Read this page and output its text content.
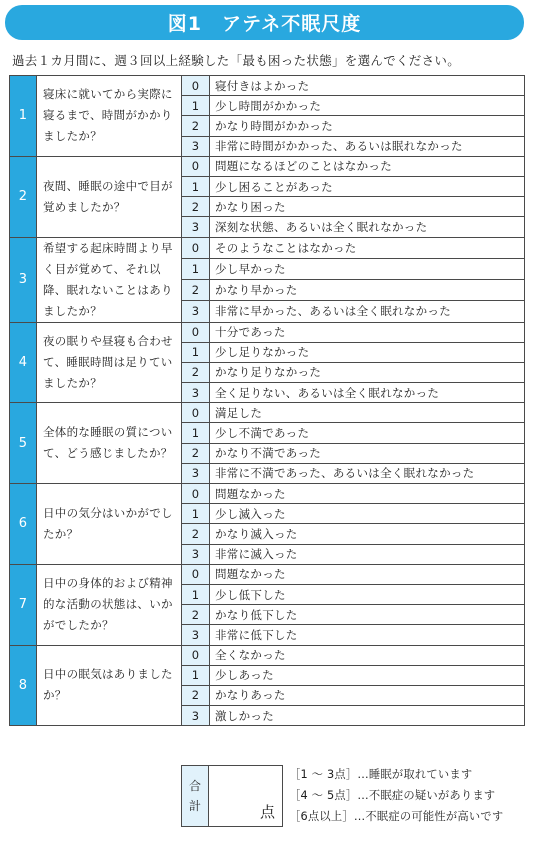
図1　アテネ不眠尺度
過去１カ月間に、週３回以上経験した「最も困った状態」を選んでください。
1	寝床に就いてから実際に寝るまで、時間がかかりましたか？	0	寝付きはよかった
		1	少し時間がかかった
		2	かなり時間がかかった
		3	非常に時間がかかった、あるいは眠れなかった
2	夜間、睡眠の途中で目が覚めましたか？	0	問題になるほどのことはなかった
		1	少し困ることがあった
		2	かなり困った
		3	深刻な状態、あるいは全く眠れなかった
3	希望する起床時間より早く目が覚めて、それ以降、眠れないことはありましたか？	0	そのようなことはなかった
		1	少し早かった
		2	かなり早かった
		3	非常に早かった、あるいは全く眠れなかった
4	夜の眠りや昼寝も合わせて、睡眠時間は足りていましたか？	0	十分であった
		1	少し足りなかった
		2	かなり足りなかった
		3	全く足りない、あるいは全く眠れなかった
5	全体的な睡眠の質について、どう感じましたか？	0	満足した
		1	少し不満であった
		2	かなり不満であった
		3	非常に不満であった、あるいは全く眠れなかった
6	日中の気分はいかがでしたか？	0	問題なかった
		1	少し滅入った
		2	かなり滅入った
		3	非常に滅入った
7	日中の身体的および精神的な活動の状態は、いかがでしたか？	0	問題なかった
		1	少し低下した
		2	かなり低下した
		3	非常に低下した
8	日中の眠気はありましたか？	0	全くなかった
		1	少しあった
		2	かなりあった
		3	激しかった
合
計	点
［1 ～ 3点］…睡眠が取れています
［4 ～ 5点］…不眠症の疑いがあります
［6点以上］…不眠症の可能性が高いです
